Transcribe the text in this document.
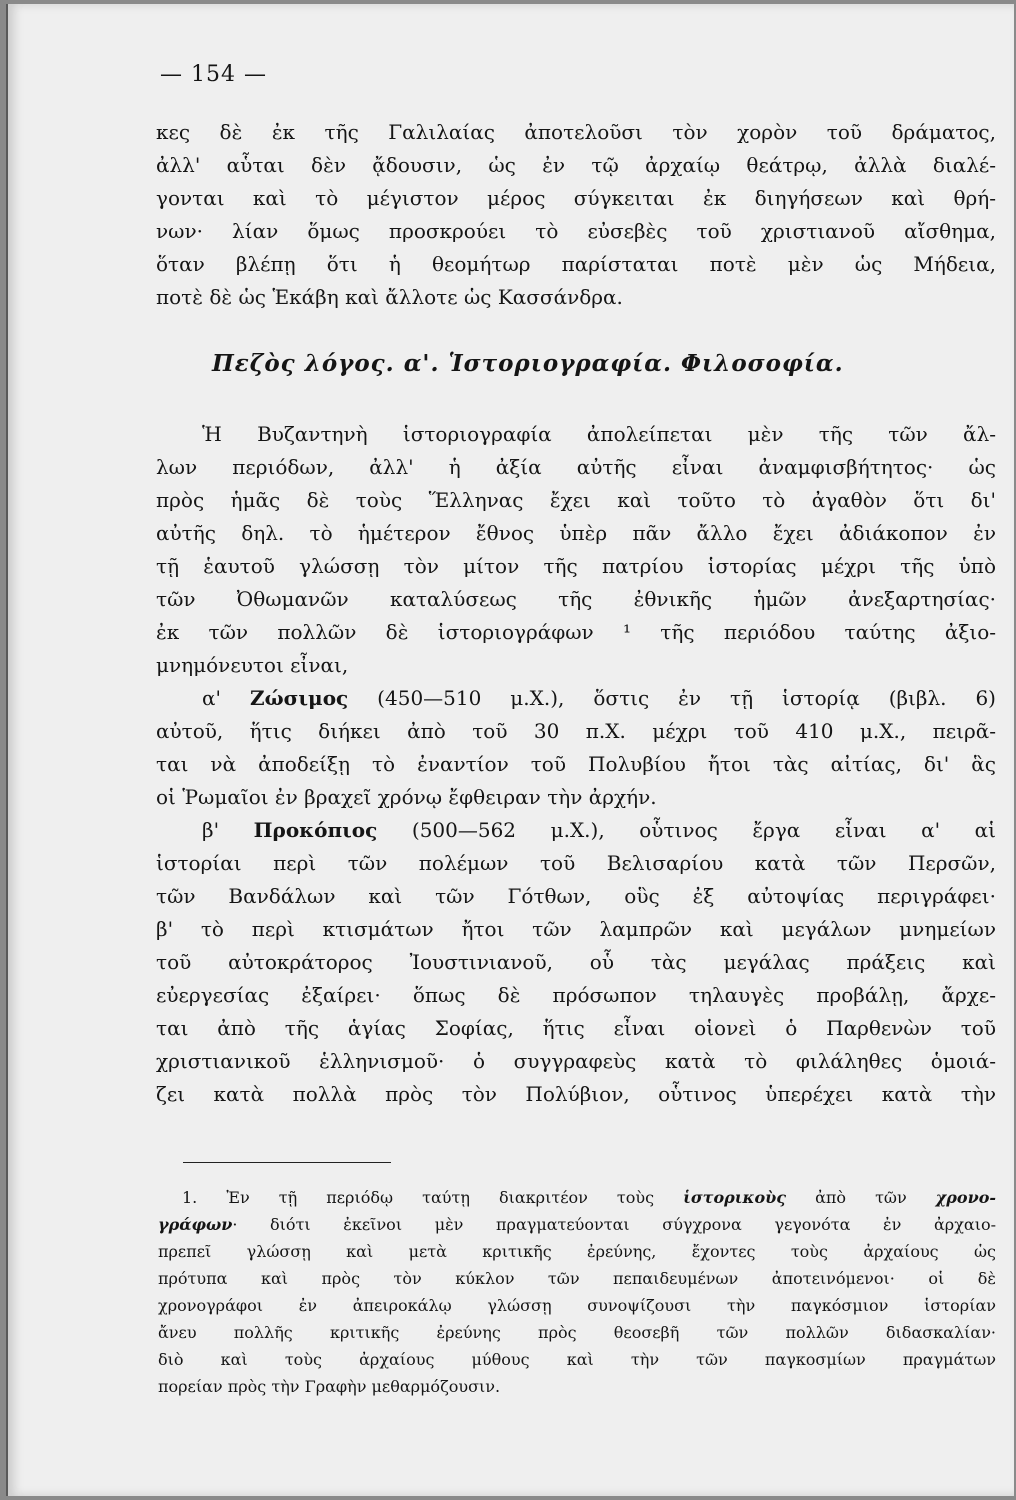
— 154 —
κες δὲ ἐκ τῆς Γαλιλαίας ἀποτελοῦσι τὸν χορὸν τοῦ δράματος,
ἀλλ' αὗται δὲν ᾄδουσιν, ὡς ἐν τῷ ἀρχαίῳ θεάτρῳ, ἀλλὰ διαλέ-
γονται καὶ τὸ μέγιστον μέρος σύγκειται ἐκ διηγήσεων καὶ θρή-
νων· λίαν ὅμως προσκρούει τὸ εὐσεβὲς τοῦ χριστιανοῦ αἴσθημα,
ὅταν βλέπῃ ὅτι ἡ θεομήτωρ παρίσταται ποτὲ μὲν ὡς Μήδεια,
ποτὲ δὲ ὡς Ἑκάβη καὶ ἄλλοτε ὡς Κασσάνδρα.
Πεζὸς λόγος. α'. Ἱστοριογραφία. Φιλοσοφία.
Ἡ Βυζαντηνὴ ἱστοριογραφία ἀπολείπεται μὲν τῆς τῶν ἄλ-
λων περιόδων, ἀλλ' ἡ ἀξία αὐτῆς εἶναι ἀναμφισβήτητος· ὡς
πρὸς ἡμᾶς δὲ τοὺς Ἕλληνας ἔχει καὶ τοῦτο τὸ ἀγαθὸν ὅτι δι'
αὐτῆς δηλ. τὸ ἡμέτερον ἔθνος ὑπὲρ πᾶν ἄλλο ἔχει ἀδιάκοπον ἐν
τῇ ἑαυτοῦ γλώσσῃ τὸν μίτον τῆς πατρίου ἱστορίας μέχρι τῆς ὑπὸ
τῶν Ὀθωμανῶν καταλύσεως τῆς ἐθνικῆς ἡμῶν ἀνεξαρτησίας·
ἐκ τῶν πολλῶν δὲ ἱστοριογράφων ¹ τῆς περιόδου ταύτης ἀξιο-
μνημόνευτοι εἶναι,
α' Ζώσιμος (450—510 μ.Χ.), ὅστις ἐν τῇ ἱστορίᾳ (βιβλ. 6)
αὐτοῦ, ἥτις διήκει ἀπὸ τοῦ 30 π.Χ. μέχρι τοῦ 410 μ.Χ., πειρᾶ-
ται νὰ ἀποδείξῃ τὸ ἐναντίον τοῦ Πολυβίου ἤτοι τὰς αἰτίας, δι' ἃς
οἱ Ῥωμαῖοι ἐν βραχεῖ χρόνῳ ἔφθειραν τὴν ἀρχήν.
β' Προκόπιος (500—562 μ.Χ.), οὗτινος ἔργα εἶναι α' αἱ
ἱστορίαι περὶ τῶν πολέμων τοῦ Βελισαρίου κατὰ τῶν Περσῶν,
τῶν Βανδάλων καὶ τῶν Γότθων, οὓς ἐξ αὐτοψίας περιγράφει·
β' τὸ περὶ κτισμάτων ἤτοι τῶν λαμπρῶν καὶ μεγάλων μνημείων
τοῦ αὐτοκράτορος Ἰουστινιανοῦ, οὗ τὰς μεγάλας πράξεις καὶ
εὐεργεσίας ἐξαίρει· ὅπως δὲ πρόσωπον τηλαυγὲς προβάλῃ, ἄρχε-
ται ἀπὸ τῆς ἁγίας Σοφίας, ἥτις εἶναι οἱονεὶ ὁ Παρθενὼν τοῦ
χριστιανικοῦ ἑλληνισμοῦ· ὁ συγγραφεὺς κατὰ τὸ φιλάληθες ὁμοιά-
ζει κατὰ πολλὰ πρὸς τὸν Πολύβιον, οὗτινος ὑπερέχει κατὰ τὴν
1. Ἐν τῇ περιόδῳ ταύτῃ διακριτέον τοὺς ἱστορικοὺς ἀπὸ τῶν χρονο-
γράφων· διότι ἐκεῖνοι μὲν πραγματεύονται σύγχρονα γεγονότα ἐν ἀρχαιο-
πρεπεῖ γλώσσῃ καὶ μετὰ κριτικῆς ἐρεύνης, ἔχοντες τοὺς ἀρχαίους ὡς
πρότυπα καὶ πρὸς τὸν κύκλον τῶν πεπαιδευμένων ἀποτεινόμενοι· οἱ δὲ
χρονογράφοι ἐν ἀπειροκάλῳ γλώσσῃ συνοψίζουσι τὴν παγκόσμιον ἱστορίαν
ἄνευ πολλῆς κριτικῆς ἐρεύνης πρὸς θεοσεβῆ τῶν πολλῶν διδασκαλίαν·
διὸ καὶ τοὺς ἀρχαίους μύθους καὶ τὴν τῶν παγκοσμίων πραγμάτων
πορείαν πρὸς τὴν Γραφὴν μεθαρμόζουσιν.
